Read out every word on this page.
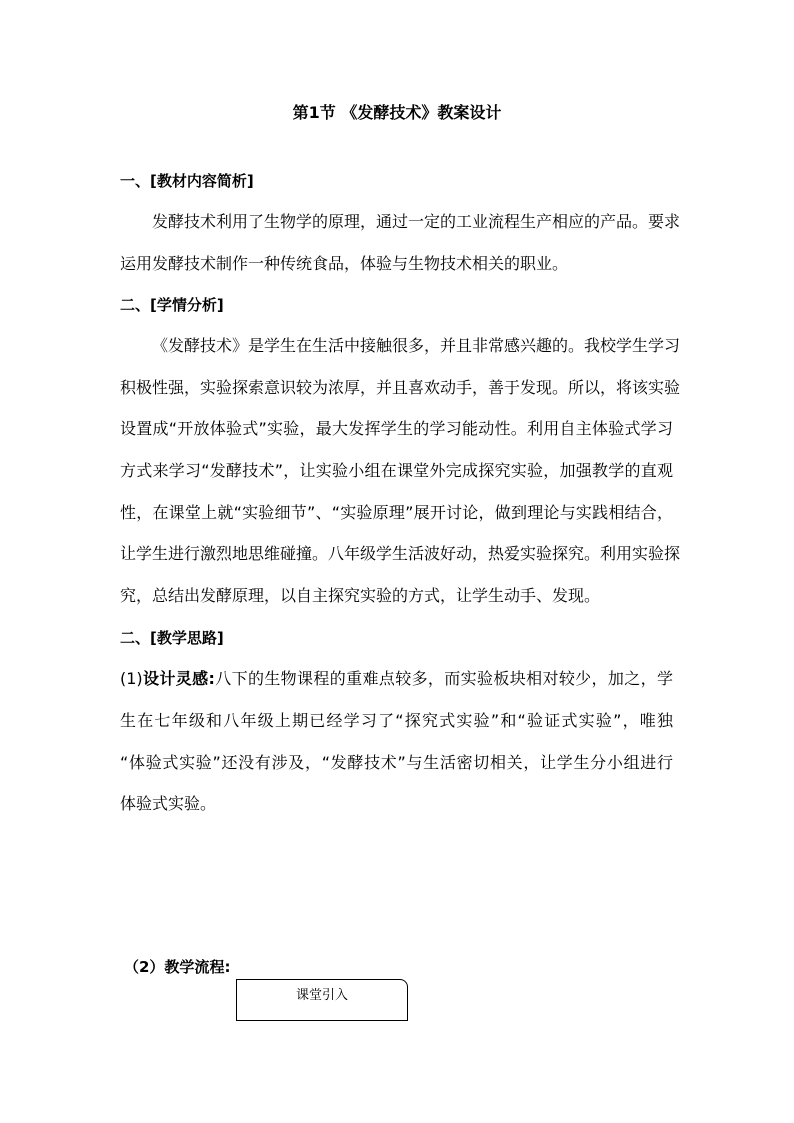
第1节 《发酵技术》教案设计
一、[教材内容简析]
发酵技术利用了生物学的原理，通过一定的工业流程生产相应的产品。要求
运用发酵技术制作一种传统食品，体验与生物技术相关的职业。
二、[学情分析]
《发酵技术》是学生在生活中接触很多，并且非常感兴趣的。我校学生学习
积极性强，实验探索意识较为浓厚，并且喜欢动手，善于发现。所以，将该实验
设置成“开放体验式”实验，最大发挥学生的学习能动性。利用自主体验式学习
方式来学习“发酵技术”，让实验小组在课堂外完成探究实验，加强教学的直观
性，在课堂上就“实验细节”、“实验原理”展开讨论，做到理论与实践相结合，
让学生进行激烈地思维碰撞。八年级学生活波好动，热爱实验探究。利用实验探
究，总结出发酵原理，以自主探究实验的方式，让学生动手、发现。
二、[教学思路]
(1)设计灵感:八下的生物课程的重难点较多，而实验板块相对较少，加之，学
生在七年级和八年级上期已经学习了“探究式实验”和“验证式实验”，唯独
“体验式实验”还没有涉及，“发酵技术”与生活密切相关，让学生分小组进行
体验式实验。
（2）教学流程:
课堂引入
